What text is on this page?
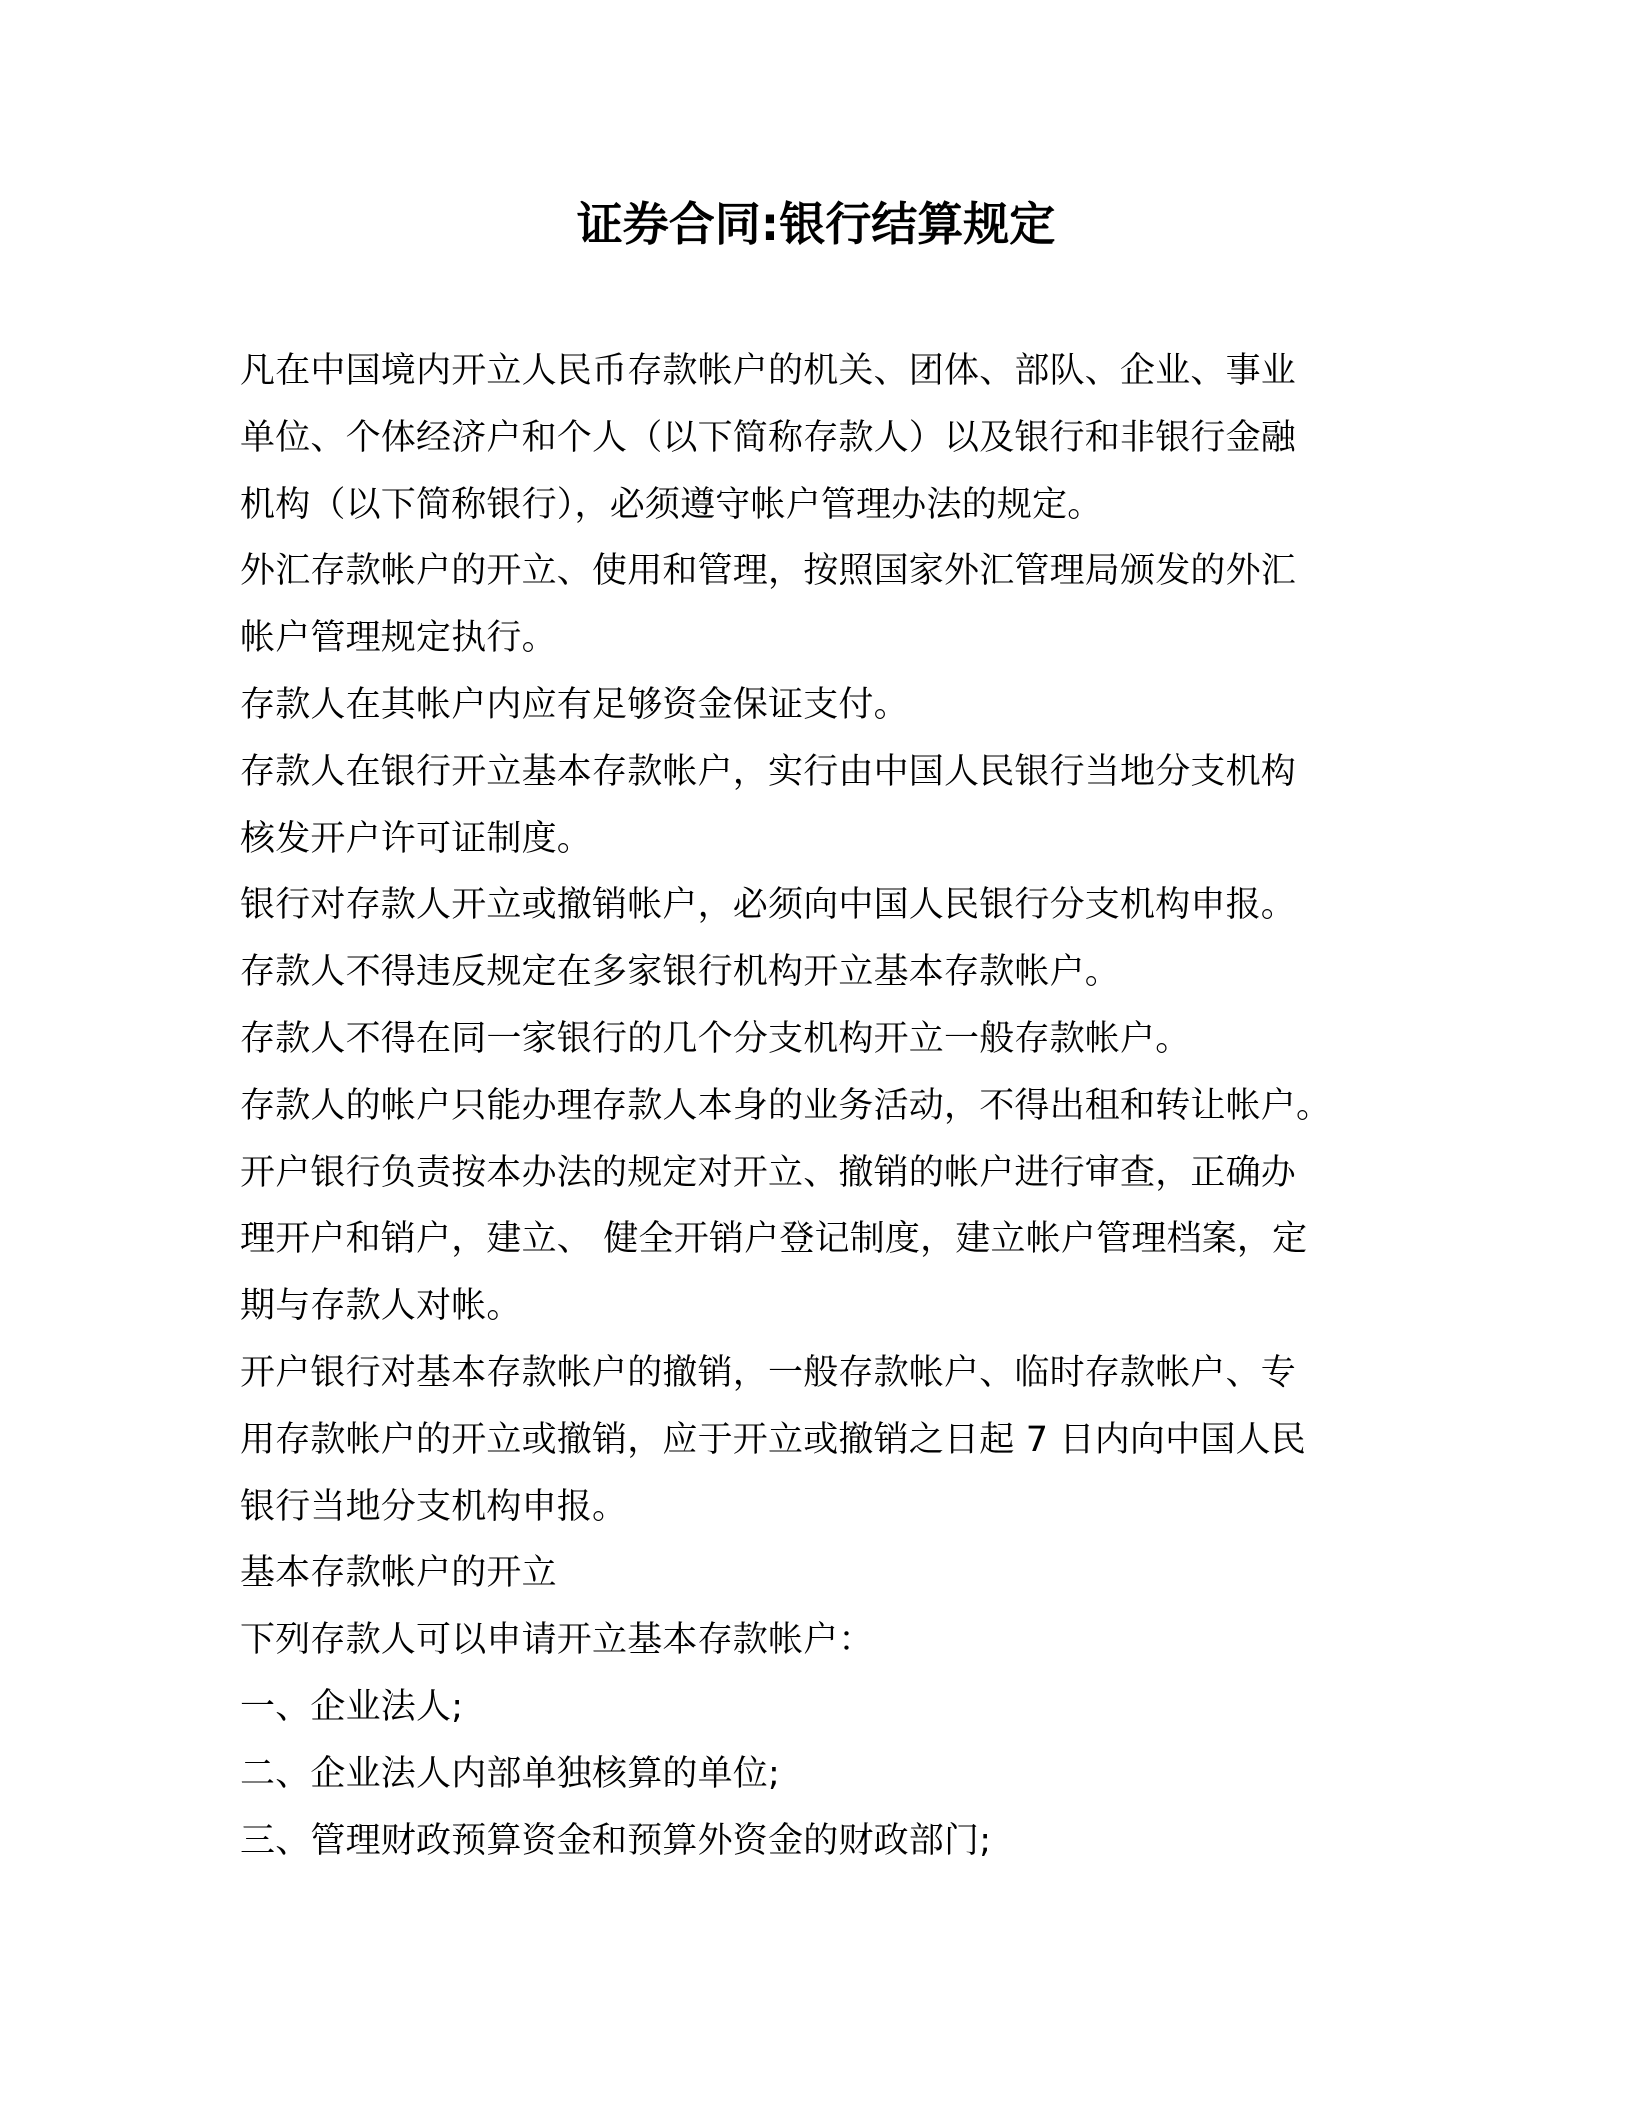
证券合同:银行结算规定
凡在中国境内开立人民币存款帐户的机关、团体、部队、企业、事业
单位、个体经济户和个人（以下简称存款人）以及银行和非银行金融
机构（以下简称银行），必须遵守帐户管理办法的规定。
外汇存款帐户的开立、使用和管理，按照国家外汇管理局颁发的外汇
帐户管理规定执行。
存款人在其帐户内应有足够资金保证支付。
存款人在银行开立基本存款帐户，实行由中国人民银行当地分支机构
核发开户许可证制度。
银行对存款人开立或撤销帐户，必须向中国人民银行分支机构申报。
存款人不得违反规定在多家银行机构开立基本存款帐户。
存款人不得在同一家银行的几个分支机构开立一般存款帐户。
存款人的帐户只能办理存款人本身的业务活动，不得出租和转让帐户。
开户银行负责按本办法的规定对开立、撤销的帐户进行审查，正确办
理开户和销户，建立、 健全开销户登记制度，建立帐户管理档案，定
期与存款人对帐。
开户银行对基本存款帐户的撤销，一般存款帐户、临时存款帐户、专
用存款帐户的开立或撤销，应于开立或撤销之日起 7 日内向中国人民
银行当地分支机构申报。
基本存款帐户的开立
下列存款人可以申请开立基本存款帐户：
一、企业法人;
二、企业法人内部单独核算的单位;
三、管理财政预算资金和预算外资金的财政部门;
